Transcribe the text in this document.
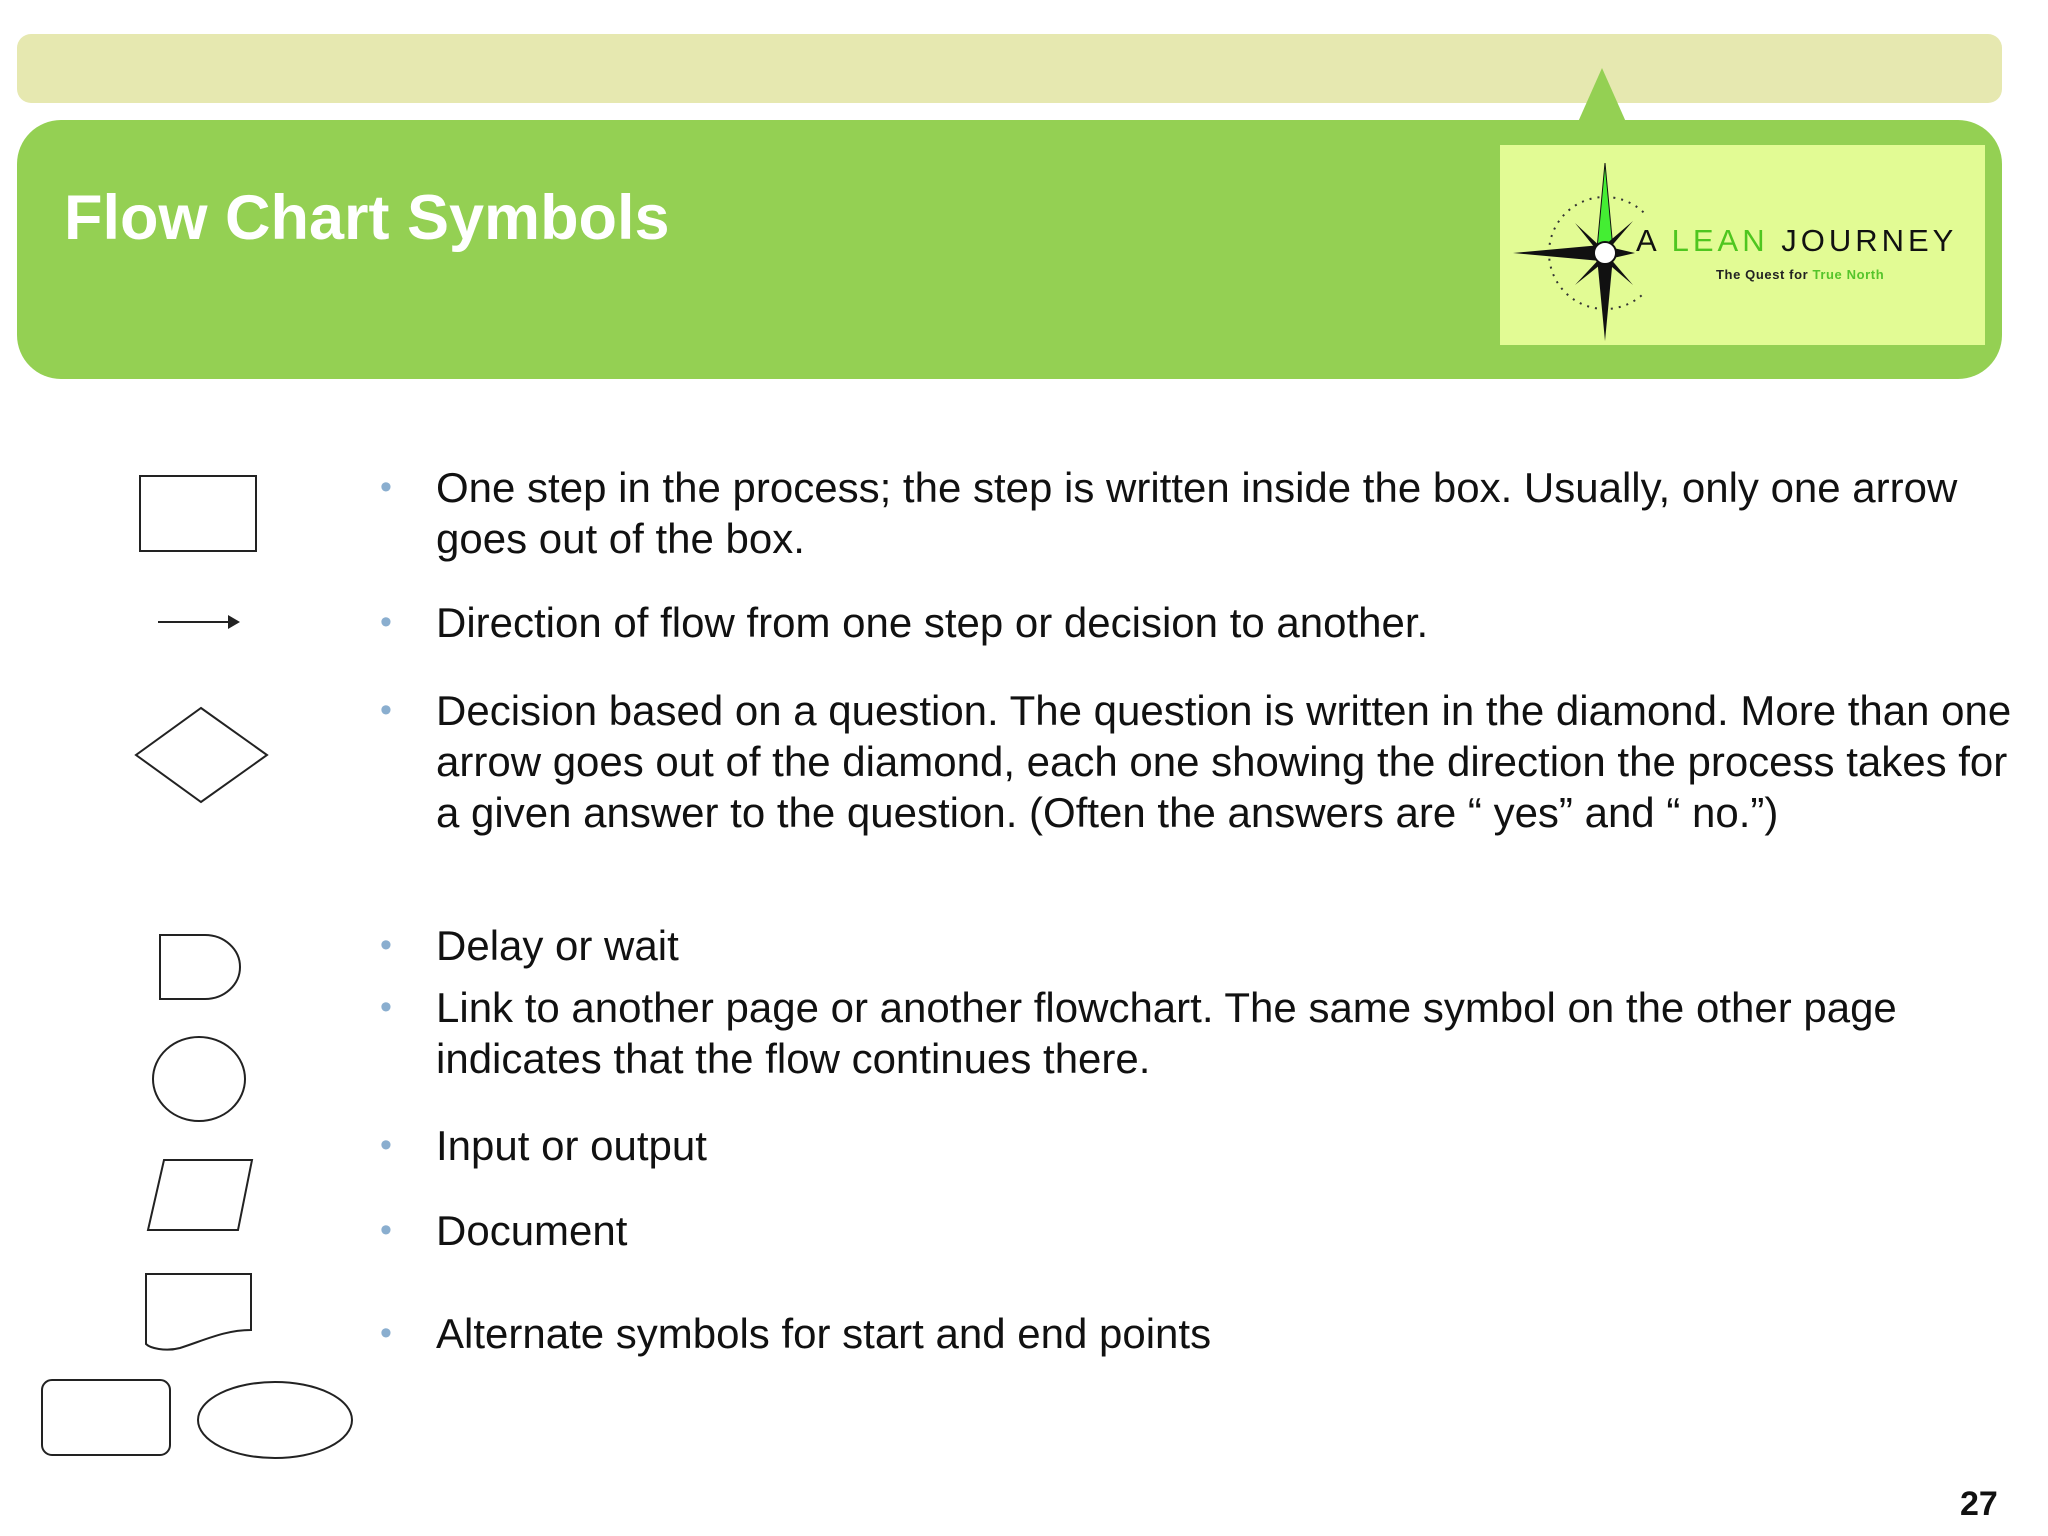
Flow Chart Symbols	A LEAN JOURNEY
The Quest for True North
• One step in the process; the step is written inside the box. Usually, only one arrow goes out of the box.
• Direction of flow from one step or decision to another.
• Decision based on a question. The question is written in the diamond. More than one arrow goes out of the diamond, each one showing the direction the process takes for a given answer to the question. (Often the answers are “ yes” and “ no.”)
• Delay or wait
• Link to another page or another flowchart. The same symbol on the other page indicates that the flow continues there.
• Input or output
• Document
• Alternate symbols for start and end points
27
